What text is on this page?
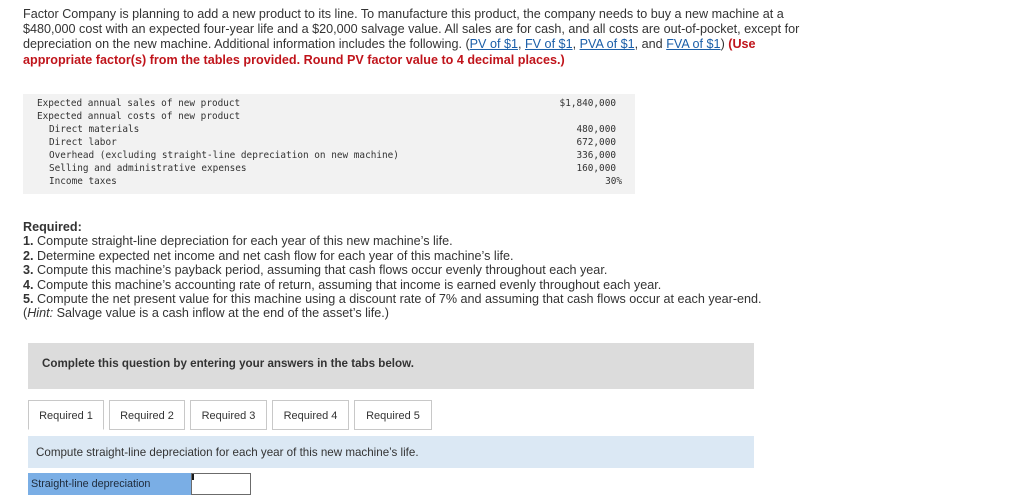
Factor Company is planning to add a new product to its line. To manufacture this product, the company needs to buy a new machine at a $480,000 cost with an expected four-year life and a $20,000 salvage value. All sales are for cash, and all costs are out-of-pocket, except for depreciation on the new machine. Additional information includes the following. (PV of $1, FV of $1, PVA of $1, and FVA of $1) (Use appropriate factor(s) from the tables provided. Round PV factor value to 4 decimal places.)
Expected annual sales of new product	$1,840,000
Expected annual costs of new product
Direct materials	480,000
Direct labor	672,000
Overhead (excluding straight-line depreciation on new machine)	336,000
Selling and administrative expenses	160,000
Income taxes	30%
Required:
1. Compute straight-line depreciation for each year of this new machine’s life.
2. Determine expected net income and net cash flow for each year of this machine’s life.
3. Compute this machine’s payback period, assuming that cash flows occur evenly throughout each year.
4. Compute this machine’s accounting rate of return, assuming that income is earned evenly throughout each year.
5. Compute the net present value for this machine using a discount rate of 7% and assuming that cash flows occur at each year-end.
(Hint: Salvage value is a cash inflow at the end of the asset’s life.)
Complete this question by entering your answers in the tabs below.
Required 1	Required 2	Required 3	Required 4	Required 5
Compute straight-line depreciation for each year of this new machine’s life.
Straight-line depreciation
